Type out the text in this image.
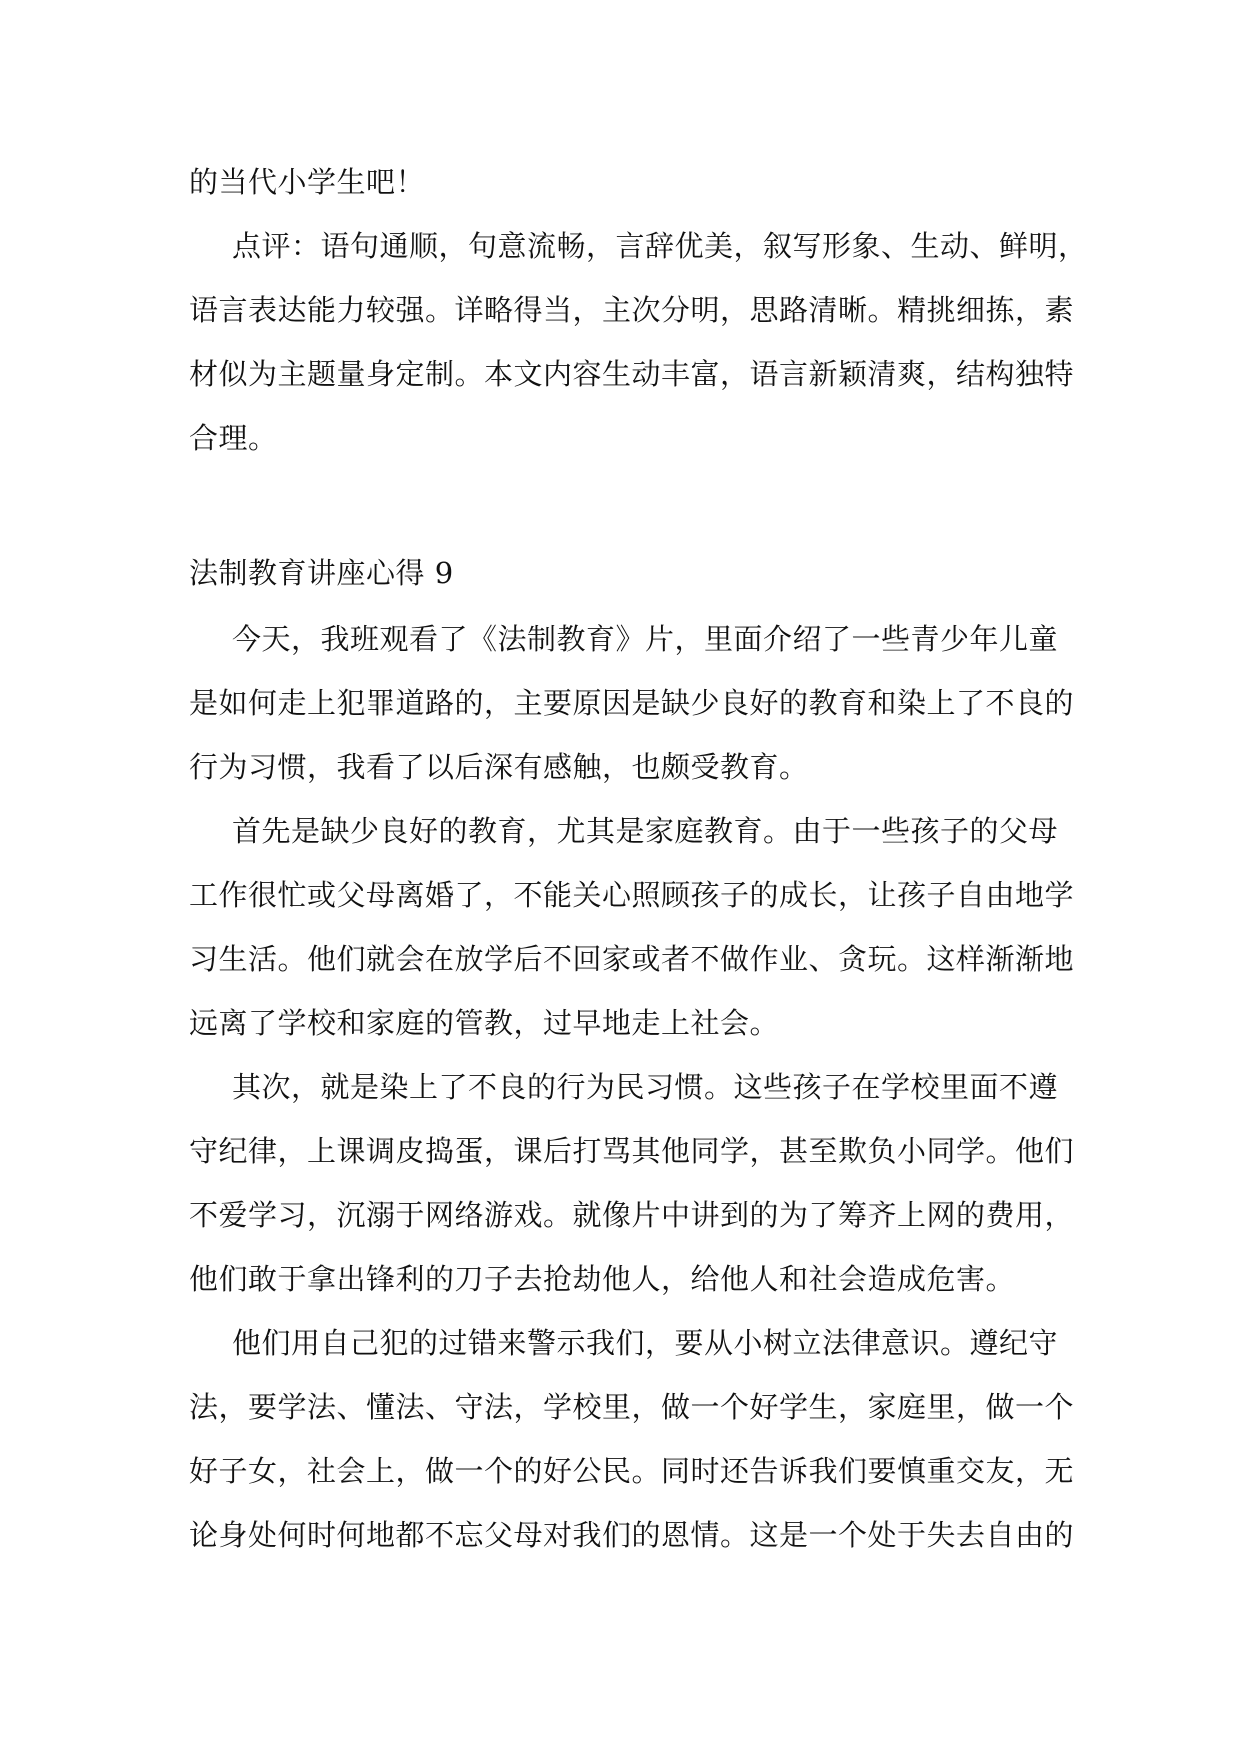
的当代小学生吧！

点评：语句通顺，句意流畅，言辞优美，叙写形象、生动、鲜明，

语言表达能力较强。详略得当，主次分明，思路清晰。精挑细拣，素

材似为主题量身定制。本文内容生动丰富，语言新颖清爽，结构独特

合理。

法制教育讲座心得 9

今天，我班观看了《法制教育》片，里面介绍了一些青少年儿童

是如何走上犯罪道路的，主要原因是缺少良好的教育和染上了不良的

行为习惯，我看了以后深有感触，也颇受教育。

首先是缺少良好的教育，尤其是家庭教育。由于一些孩子的父母

工作很忙或父母离婚了，不能关心照顾孩子的成长，让孩子自由地学

习生活。他们就会在放学后不回家或者不做作业、贪玩。这样渐渐地

远离了学校和家庭的管教，过早地走上社会。

其次，就是染上了不良的行为民习惯。这些孩子在学校里面不遵

守纪律，上课调皮捣蛋，课后打骂其他同学，甚至欺负小同学。他们

不爱学习，沉溺于网络游戏。就像片中讲到的为了筹齐上网的费用，

他们敢于拿出锋利的刀子去抢劫他人，给他人和社会造成危害。

他们用自己犯的过错来警示我们，要从小树立法律意识。遵纪守

法，要学法、懂法、守法，学校里，做一个好学生，家庭里，做一个

好子女，社会上，做一个的好公民。同时还告诉我们要慎重交友，无

论身处何时何地都不忘父母对我们的恩情。这是一个处于失去自由的
